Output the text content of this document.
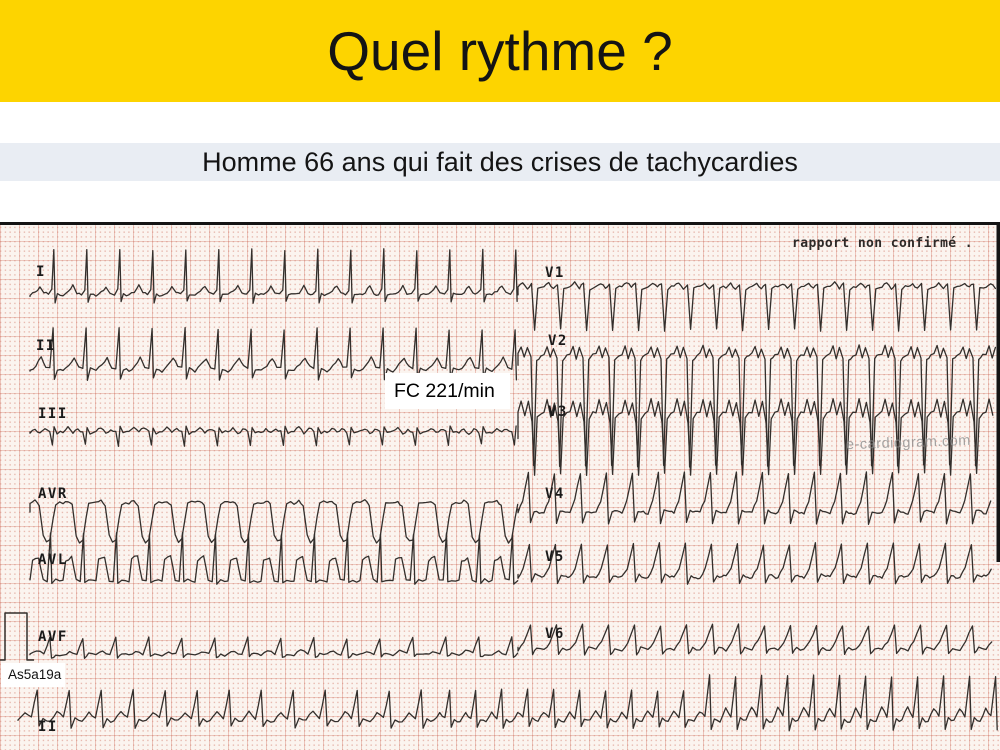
Quel rythme ?
Homme 66 ans qui fait des crises de tachycardies
I
II
III
AVR
AVL
AVF
V1
V2
V3
V4
V5
V6
II
rapport non confirmé .
FC 221/min
As5a19a
e-cardiogram.com
